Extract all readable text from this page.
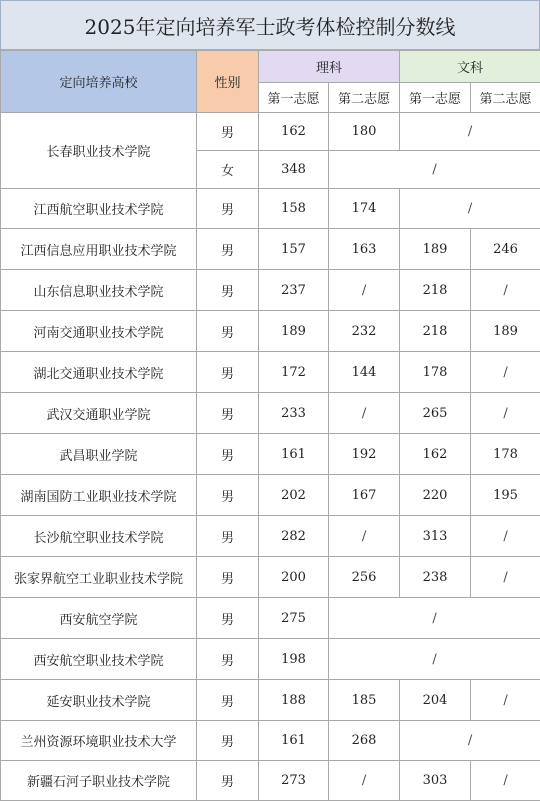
2025年定向培养军士政考体检控制分数线
定向培养高校	性别	理科		文科	
		第一志愿	第二志愿	第一志愿	第二志愿
长春职业技术学院	男	162	180	/	
	女	348	/		
江西航空职业技术学院	男	158	174	/	
江西信息应用职业技术学院	男	157	163	189	246
山东信息职业技术学院	男	237	/	218	/
河南交通职业技术学院	男	189	232	218	189
湖北交通职业技术学院	男	172	144	178	/
武汉交通职业学院	男	233	/	265	/
武昌职业学院	男	161	192	162	178
湖南国防工业职业技术学院	男	202	167	220	195
长沙航空职业技术学院	男	282	/	313	/
张家界航空工业职业技术学院	男	200	256	238	/
西安航空学院	男	275	/		
西安航空职业技术学院	男	198	/		
延安职业技术学院	男	188	185	204	/
兰州资源环境职业技术大学	男	161	268	/	
新疆石河子职业技术学院	男	273	/	303	/
